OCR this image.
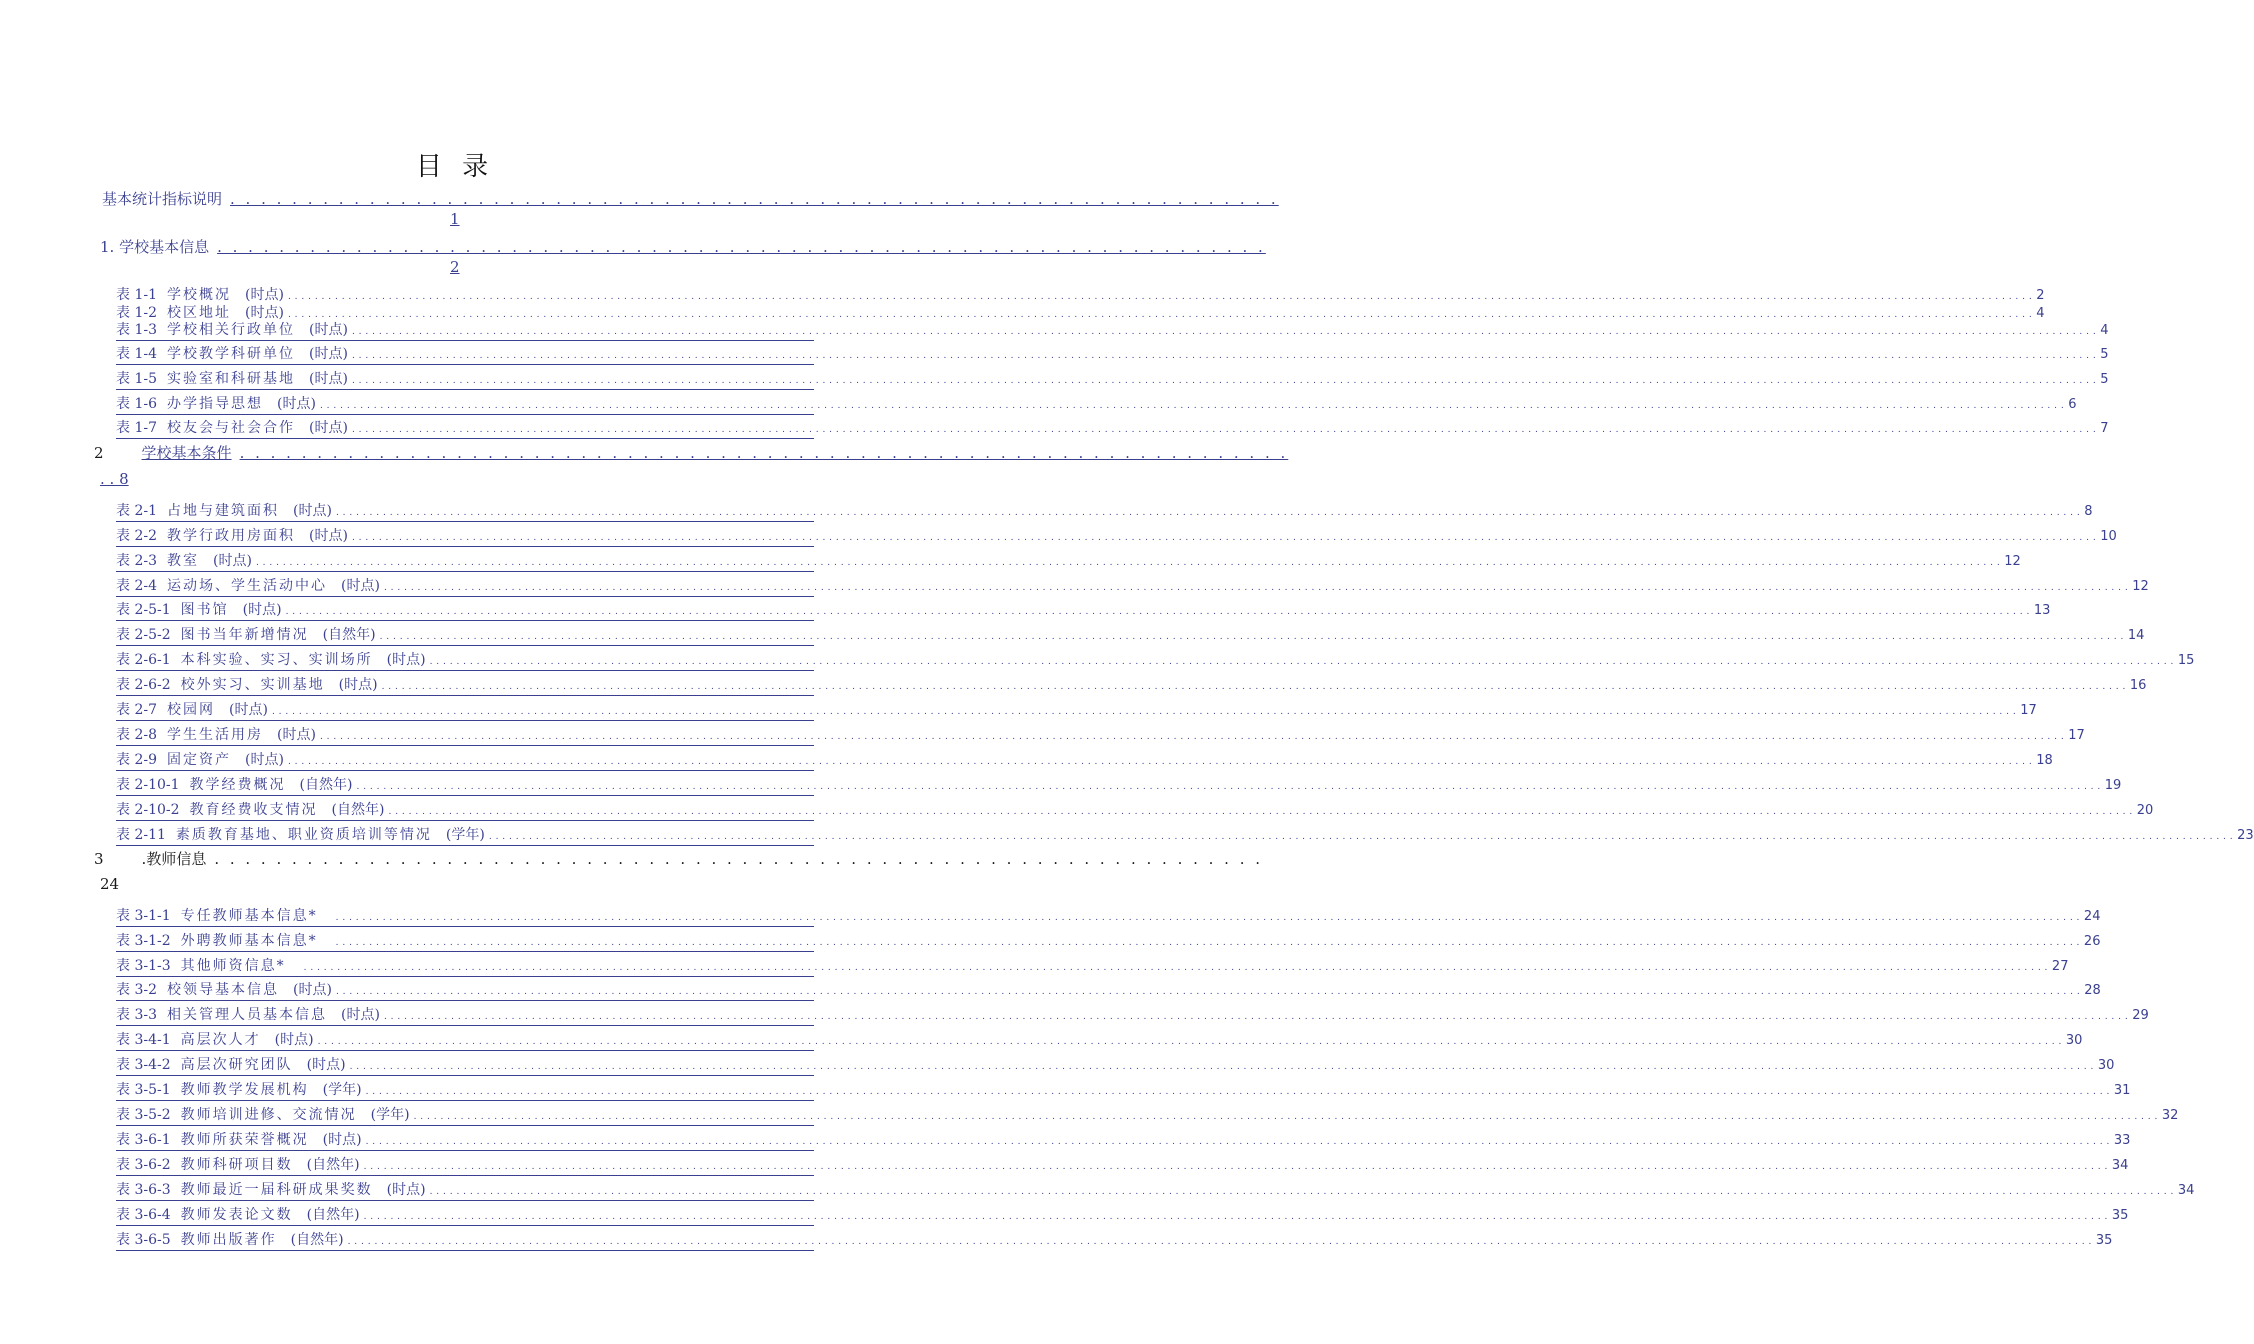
目 录
基本统计指标说明 . . . . . . . . . . . . . . . . . . . . . . . . . . . . . . . . . . . . . . . . . . . . . . . . . . . . . . . . . . . . . . . . . . . .
1
1. 学校基本信息 . . . . . . . . . . . . . . . . . . . . . . . . . . . . . . . . . . . . . . . . . . . . . . . . . . . . . . . . . . . . . . . . . . . .
2
2	学校基本条件 . . . . . . . . . . . . . . . . . . . . . . . . . . . . . . . . . . . . . . . . . . . . . . . . . . . . . . . . . . . . . . . . . . . .
. . 8
3	.教师信息 . . . . . . . . . . . . . . . . . . . . . . . . . . . . . . . . . . . . . . . . . . . . . . . . . . . . . . . . . . . . . . . . . . . .
24
表 1-1 学校概况 (时点) . . . . . . . . . . . . . . . . . . . . . . . . . . . . . . . . . . . . . . . . . . . . . . . . . . . . . . . . . . . . . . . . . . . . . . . . . . . . . . . . . . . . . . . . . . . . . . . . . . . . . . . . . . . . . . . . . . . . . . . . . . . . . . . . . . . . . . . . . . . . . . . . . . . . . . . . . . . . . . . . . . . . . . . . . . . . . . . . . . . . . . . . . . . . . . . . . . . . . . . . . . . . . . . . . . . . . . . . . . . . . . . . . . . . . . . . . . . . . . . . . . . . . . . . . . . . . . . . . . . . 2
表 1-2 校区地址 (时点) . . . . . . . . . . . . . . . . . . . . . . . . . . . . . . . . . . . . . . . . . . . . . . . . . . . . . . . . . . . . . . . . . . . . . . . . . . . . . . . . . . . . . . . . . . . . . . . . . . . . . . . . . . . . . . . . . . . . . . . . . . . . . . . . . . . . . . . . . . . . . . . . . . . . . . . . . . . . . . . . . . . . . . . . . . . . . . . . . . . . . . . . . . . . . . . . . . . . . . . . . . . . . . . . . . . . . . . . . . . . . . . . . . . . . . . . . . . . . . . . . . . . . . . . . . . . . . . . . . . . 4
表 1-3 学校相关行政单位 (时点) . . . . . . . . . . . . . . . . . . . . . . . . . . . . . . . . . . . . . . . . . . . . . . . . . . . . . . . . . . . . . . . . . . . . . . . . . . . . . . . . . . . . . . . . . . . . . . . . . . . . . . . . . . . . . . . . . . . . . . . . . . . . . . . . . . . . . . . . . . . . . . . . . . . . . . . . . . . . . . . . . . . . . . . . . . . . . . . . . . . . . . . . . . . . . . . . . . . . . . . . . . . . . . . . . . . . . . . . . . . . . . . . . . . . . . . . . . . . . . . . . . . . . . . . . . . . . . . . . . . . 4
表 1-4 学校教学科研单位 (时点) . . . . . . . . . . . . . . . . . . . . . . . . . . . . . . . . . . . . . . . . . . . . . . . . . . . . . . . . . . . . . . . . . . . . . . . . . . . . . . . . . . . . . . . . . . . . . . . . . . . . . . . . . . . . . . . . . . . . . . . . . . . . . . . . . . . . . . . . . . . . . . . . . . . . . . . . . . . . . . . . . . . . . . . . . . . . . . . . . . . . . . . . . . . . . . . . . . . . . . . . . . . . . . . . . . . . . . . . . . . . . . . . . . . . . . . . . . . . . . . . . . . . . . . . . . . . . . . . . . . . 5
表 1-5 实验室和科研基地 (时点) . . . . . . . . . . . . . . . . . . . . . . . . . . . . . . . . . . . . . . . . . . . . . . . . . . . . . . . . . . . . . . . . . . . . . . . . . . . . . . . . . . . . . . . . . . . . . . . . . . . . . . . . . . . . . . . . . . . . . . . . . . . . . . . . . . . . . . . . . . . . . . . . . . . . . . . . . . . . . . . . . . . . . . . . . . . . . . . . . . . . . . . . . . . . . . . . . . . . . . . . . . . . . . . . . . . . . . . . . . . . . . . . . . . . . . . . . . . . . . . . . . . . . . . . . . . . . . . . . . . . 5
表 1-6 办学指导思想 (时点) . . . . . . . . . . . . . . . . . . . . . . . . . . . . . . . . . . . . . . . . . . . . . . . . . . . . . . . . . . . . . . . . . . . . . . . . . . . . . . . . . . . . . . . . . . . . . . . . . . . . . . . . . . . . . . . . . . . . . . . . . . . . . . . . . . . . . . . . . . . . . . . . . . . . . . . . . . . . . . . . . . . . . . . . . . . . . . . . . . . . . . . . . . . . . . . . . . . . . . . . . . . . . . . . . . . . . . . . . . . . . . . . . . . . . . . . . . . . . . . . . . . . . . . . . . . . . . . . . . . . 6
表 1-7 校友会与社会合作 (时点) . . . . . . . . . . . . . . . . . . . . . . . . . . . . . . . . . . . . . . . . . . . . . . . . . . . . . . . . . . . . . . . . . . . . . . . . . . . . . . . . . . . . . . . . . . . . . . . . . . . . . . . . . . . . . . . . . . . . . . . . . . . . . . . . . . . . . . . . . . . . . . . . . . . . . . . . . . . . . . . . . . . . . . . . . . . . . . . . . . . . . . . . . . . . . . . . . . . . . . . . . . . . . . . . . . . . . . . . . . . . . . . . . . . . . . . . . . . . . . . . . . . . . . . . . . . . . . . . . . . . 7
表 2-1 占地与建筑面积 (时点) . . . . . . . . . . . . . . . . . . . . . . . . . . . . . . . . . . . . . . . . . . . . . . . . . . . . . . . . . . . . . . . . . . . . . . . . . . . . . . . . . . . . . . . . . . . . . . . . . . . . . . . . . . . . . . . . . . . . . . . . . . . . . . . . . . . . . . . . . . . . . . . . . . . . . . . . . . . . . . . . . . . . . . . . . . . . . . . . . . . . . . . . . . . . . . . . . . . . . . . . . . . . . . . . . . . . . . . . . . . . . . . . . . . . . . . . . . . . . . . . . . . . . . . . . . . . . . . . . . . . 8
表 2-2 教学行政用房面积 (时点) . . . . . . . . . . . . . . . . . . . . . . . . . . . . . . . . . . . . . . . . . . . . . . . . . . . . . . . . . . . . . . . . . . . . . . . . . . . . . . . . . . . . . . . . . . . . . . . . . . . . . . . . . . . . . . . . . . . . . . . . . . . . . . . . . . . . . . . . . . . . . . . . . . . . . . . . . . . . . . . . . . . . . . . . . . . . . . . . . . . . . . . . . . . . . . . . . . . . . . . . . . . . . . . . . . . . . . . . . . . . . . . . . . . . . . . . . . . . . . . . . . . . . . . . . . . . . . . . . . . . 10
表 2-3 教室 (时点) . . . . . . . . . . . . . . . . . . . . . . . . . . . . . . . . . . . . . . . . . . . . . . . . . . . . . . . . . . . . . . . . . . . . . . . . . . . . . . . . . . . . . . . . . . . . . . . . . . . . . . . . . . . . . . . . . . . . . . . . . . . . . . . . . . . . . . . . . . . . . . . . . . . . . . . . . . . . . . . . . . . . . . . . . . . . . . . . . . . . . . . . . . . . . . . . . . . . . . . . . . . . . . . . . . . . . . . . . . . . . . . . . . . . . . . . . . . . . . . . . . . . . . . . . . . . . . . . . . . . 12
表 2-4 运动场、学生活动中心 (时点) . . . . . . . . . . . . . . . . . . . . . . . . . . . . . . . . . . . . . . . . . . . . . . . . . . . . . . . . . . . . . . . . . . . . . . . . . . . . . . . . . . . . . . . . . . . . . . . . . . . . . . . . . . . . . . . . . . . . . . . . . . . . . . . . . . . . . . . . . . . . . . . . . . . . . . . . . . . . . . . . . . . . . . . . . . . . . . . . . . . . . . . . . . . . . . . . . . . . . . . . . . . . . . . . . . . . . . . . . . . . . . . . . . . . . . . . . . . . . . . . . . . . . . . . . . . . . . . . . . . . 12
表 2-5-1 图书馆 (时点) . . . . . . . . . . . . . . . . . . . . . . . . . . . . . . . . . . . . . . . . . . . . . . . . . . . . . . . . . . . . . . . . . . . . . . . . . . . . . . . . . . . . . . . . . . . . . . . . . . . . . . . . . . . . . . . . . . . . . . . . . . . . . . . . . . . . . . . . . . . . . . . . . . . . . . . . . . . . . . . . . . . . . . . . . . . . . . . . . . . . . . . . . . . . . . . . . . . . . . . . . . . . . . . . . . . . . . . . . . . . . . . . . . . . . . . . . . . . . . . . . . . . . . . . . . . . . . . . . . . . 13
表 2-5-2 图书当年新增情况 (自然年) . . . . . . . . . . . . . . . . . . . . . . . . . . . . . . . . . . . . . . . . . . . . . . . . . . . . . . . . . . . . . . . . . . . . . . . . . . . . . . . . . . . . . . . . . . . . . . . . . . . . . . . . . . . . . . . . . . . . . . . . . . . . . . . . . . . . . . . . . . . . . . . . . . . . . . . . . . . . . . . . . . . . . . . . . . . . . . . . . . . . . . . . . . . . . . . . . . . . . . . . . . . . . . . . . . . . . . . . . . . . . . . . . . . . . . . . . . . . . . . . . . . . . . . . . . . . . . . . . . . . 14
表 2-6-1 本科实验、实习、实训场所 (时点) . . . . . . . . . . . . . . . . . . . . . . . . . . . . . . . . . . . . . . . . . . . . . . . . . . . . . . . . . . . . . . . . . . . . . . . . . . . . . . . . . . . . . . . . . . . . . . . . . . . . . . . . . . . . . . . . . . . . . . . . . . . . . . . . . . . . . . . . . . . . . . . . . . . . . . . . . . . . . . . . . . . . . . . . . . . . . . . . . . . . . . . . . . . . . . . . . . . . . . . . . . . . . . . . . . . . . . . . . . . . . . . . . . . . . . . . . . . . . . . . . . . . . . . . . . . . . . . . . . . . 15
表 2-6-2 校外实习、实训基地 (时点) . . . . . . . . . . . . . . . . . . . . . . . . . . . . . . . . . . . . . . . . . . . . . . . . . . . . . . . . . . . . . . . . . . . . . . . . . . . . . . . . . . . . . . . . . . . . . . . . . . . . . . . . . . . . . . . . . . . . . . . . . . . . . . . . . . . . . . . . . . . . . . . . . . . . . . . . . . . . . . . . . . . . . . . . . . . . . . . . . . . . . . . . . . . . . . . . . . . . . . . . . . . . . . . . . . . . . . . . . . . . . . . . . . . . . . . . . . . . . . . . . . . . . . . . . . . . . . . . . . . . 16
表 2-7 校园网 (时点) . . . . . . . . . . . . . . . . . . . . . . . . . . . . . . . . . . . . . . . . . . . . . . . . . . . . . . . . . . . . . . . . . . . . . . . . . . . . . . . . . . . . . . . . . . . . . . . . . . . . . . . . . . . . . . . . . . . . . . . . . . . . . . . . . . . . . . . . . . . . . . . . . . . . . . . . . . . . . . . . . . . . . . . . . . . . . . . . . . . . . . . . . . . . . . . . . . . . . . . . . . . . . . . . . . . . . . . . . . . . . . . . . . . . . . . . . . . . . . . . . . . . . . . . . . . . . . . . . . . . 17
表 2-8 学生生活用房 (时点) . . . . . . . . . . . . . . . . . . . . . . . . . . . . . . . . . . . . . . . . . . . . . . . . . . . . . . . . . . . . . . . . . . . . . . . . . . . . . . . . . . . . . . . . . . . . . . . . . . . . . . . . . . . . . . . . . . . . . . . . . . . . . . . . . . . . . . . . . . . . . . . . . . . . . . . . . . . . . . . . . . . . . . . . . . . . . . . . . . . . . . . . . . . . . . . . . . . . . . . . . . . . . . . . . . . . . . . . . . . . . . . . . . . . . . . . . . . . . . . . . . . . . . . . . . . . . . . . . . . . 17
表 2-9 固定资产 (时点) . . . . . . . . . . . . . . . . . . . . . . . . . . . . . . . . . . . . . . . . . . . . . . . . . . . . . . . . . . . . . . . . . . . . . . . . . . . . . . . . . . . . . . . . . . . . . . . . . . . . . . . . . . . . . . . . . . . . . . . . . . . . . . . . . . . . . . . . . . . . . . . . . . . . . . . . . . . . . . . . . . . . . . . . . . . . . . . . . . . . . . . . . . . . . . . . . . . . . . . . . . . . . . . . . . . . . . . . . . . . . . . . . . . . . . . . . . . . . . . . . . . . . . . . . . . . . . . . . . . . 18
表 2-10-1 教学经费概况 (自然年) . . . . . . . . . . . . . . . . . . . . . . . . . . . . . . . . . . . . . . . . . . . . . . . . . . . . . . . . . . . . . . . . . . . . . . . . . . . . . . . . . . . . . . . . . . . . . . . . . . . . . . . . . . . . . . . . . . . . . . . . . . . . . . . . . . . . . . . . . . . . . . . . . . . . . . . . . . . . . . . . . . . . . . . . . . . . . . . . . . . . . . . . . . . . . . . . . . . . . . . . . . . . . . . . . . . . . . . . . . . . . . . . . . . . . . . . . . . . . . . . . . . . . . . . . . . . . . . . . . . . 19
表 2-10-2 教育经费收支情况 (自然年) . . . . . . . . . . . . . . . . . . . . . . . . . . . . . . . . . . . . . . . . . . . . . . . . . . . . . . . . . . . . . . . . . . . . . . . . . . . . . . . . . . . . . . . . . . . . . . . . . . . . . . . . . . . . . . . . . . . . . . . . . . . . . . . . . . . . . . . . . . . . . . . . . . . . . . . . . . . . . . . . . . . . . . . . . . . . . . . . . . . . . . . . . . . . . . . . . . . . . . . . . . . . . . . . . . . . . . . . . . . . . . . . . . . . . . . . . . . . . . . . . . . . . . . . . . . . . . . . . . . . 20
表 2-11 素质教育基地、职业资质培训等情况 (学年) . . . . . . . . . . . . . . . . . . . . . . . . . . . . . . . . . . . . . . . . . . . . . . . . . . . . . . . . . . . . . . . . . . . . . . . . . . . . . . . . . . . . . . . . . . . . . . . . . . . . . . . . . . . . . . . . . . . . . . . . . . . . . . . . . . . . . . . . . . . . . . . . . . . . . . . . . . . . . . . . . . . . . . . . . . . . . . . . . . . . . . . . . . . . . . . . . . . . . . . . . . . . . . . . . . . . . . . . . . . . . . . . . . . . . . . . . . . . . . . . . . . . . . . . . . . . . . . . . . . . 23
表 3-1-1 专任教师基本信息* . . . . . . . . . . . . . . . . . . . . . . . . . . . . . . . . . . . . . . . . . . . . . . . . . . . . . . . . . . . . . . . . . . . . . . . . . . . . . . . . . . . . . . . . . . . . . . . . . . . . . . . . . . . . . . . . . . . . . . . . . . . . . . . . . . . . . . . . . . . . . . . . . . . . . . . . . . . . . . . . . . . . . . . . . . . . . . . . . . . . . . . . . . . . . . . . . . . . . . . . . . . . . . . . . . . . . . . . . . . . . . . . . . . . . . . . . . . . . . . . . . . . . . . . . . . . . . . . . . . . 24
表 3-1-2 外聘教师基本信息* . . . . . . . . . . . . . . . . . . . . . . . . . . . . . . . . . . . . . . . . . . . . . . . . . . . . . . . . . . . . . . . . . . . . . . . . . . . . . . . . . . . . . . . . . . . . . . . . . . . . . . . . . . . . . . . . . . . . . . . . . . . . . . . . . . . . . . . . . . . . . . . . . . . . . . . . . . . . . . . . . . . . . . . . . . . . . . . . . . . . . . . . . . . . . . . . . . . . . . . . . . . . . . . . . . . . . . . . . . . . . . . . . . . . . . . . . . . . . . . . . . . . . . . . . . . . . . . . . . . . 26
表 3-1-3 其他师资信息* . . . . . . . . . . . . . . . . . . . . . . . . . . . . . . . . . . . . . . . . . . . . . . . . . . . . . . . . . . . . . . . . . . . . . . . . . . . . . . . . . . . . . . . . . . . . . . . . . . . . . . . . . . . . . . . . . . . . . . . . . . . . . . . . . . . . . . . . . . . . . . . . . . . . . . . . . . . . . . . . . . . . . . . . . . . . . . . . . . . . . . . . . . . . . . . . . . . . . . . . . . . . . . . . . . . . . . . . . . . . . . . . . . . . . . . . . . . . . . . . . . . . . . . . . . . . . . . . . . . . 27
表 3-2 校领导基本信息 (时点) . . . . . . . . . . . . . . . . . . . . . . . . . . . . . . . . . . . . . . . . . . . . . . . . . . . . . . . . . . . . . . . . . . . . . . . . . . . . . . . . . . . . . . . . . . . . . . . . . . . . . . . . . . . . . . . . . . . . . . . . . . . . . . . . . . . . . . . . . . . . . . . . . . . . . . . . . . . . . . . . . . . . . . . . . . . . . . . . . . . . . . . . . . . . . . . . . . . . . . . . . . . . . . . . . . . . . . . . . . . . . . . . . . . . . . . . . . . . . . . . . . . . . . . . . . . . . . . . . . . . 28
表 3-3 相关管理人员基本信息 (时点) . . . . . . . . . . . . . . . . . . . . . . . . . . . . . . . . . . . . . . . . . . . . . . . . . . . . . . . . . . . . . . . . . . . . . . . . . . . . . . . . . . . . . . . . . . . . . . . . . . . . . . . . . . . . . . . . . . . . . . . . . . . . . . . . . . . . . . . . . . . . . . . . . . . . . . . . . . . . . . . . . . . . . . . . . . . . . . . . . . . . . . . . . . . . . . . . . . . . . . . . . . . . . . . . . . . . . . . . . . . . . . . . . . . . . . . . . . . . . . . . . . . . . . . . . . . . . . . . . . . . 29
表 3-4-1 高层次人才 (时点) . . . . . . . . . . . . . . . . . . . . . . . . . . . . . . . . . . . . . . . . . . . . . . . . . . . . . . . . . . . . . . . . . . . . . . . . . . . . . . . . . . . . . . . . . . . . . . . . . . . . . . . . . . . . . . . . . . . . . . . . . . . . . . . . . . . . . . . . . . . . . . . . . . . . . . . . . . . . . . . . . . . . . . . . . . . . . . . . . . . . . . . . . . . . . . . . . . . . . . . . . . . . . . . . . . . . . . . . . . . . . . . . . . . . . . . . . . . . . . . . . . . . . . . . . . . . . . . . . . . . 30
表 3-4-2 高层次研究团队 (时点) . . . . . . . . . . . . . . . . . . . . . . . . . . . . . . . . . . . . . . . . . . . . . . . . . . . . . . . . . . . . . . . . . . . . . . . . . . . . . . . . . . . . . . . . . . . . . . . . . . . . . . . . . . . . . . . . . . . . . . . . . . . . . . . . . . . . . . . . . . . . . . . . . . . . . . . . . . . . . . . . . . . . . . . . . . . . . . . . . . . . . . . . . . . . . . . . . . . . . . . . . . . . . . . . . . . . . . . . . . . . . . . . . . . . . . . . . . . . . . . . . . . . . . . . . . . . . . . . . . . . 30
表 3-5-1 教师教学发展机构 (学年) . . . . . . . . . . . . . . . . . . . . . . . . . . . . . . . . . . . . . . . . . . . . . . . . . . . . . . . . . . . . . . . . . . . . . . . . . . . . . . . . . . . . . . . . . . . . . . . . . . . . . . . . . . . . . . . . . . . . . . . . . . . . . . . . . . . . . . . . . . . . . . . . . . . . . . . . . . . . . . . . . . . . . . . . . . . . . . . . . . . . . . . . . . . . . . . . . . . . . . . . . . . . . . . . . . . . . . . . . . . . . . . . . . . . . . . . . . . . . . . . . . . . . . . . . . . . . . . . . . . . 31
表 3-5-2 教师培训进修、交流情况 (学年) . . . . . . . . . . . . . . . . . . . . . . . . . . . . . . . . . . . . . . . . . . . . . . . . . . . . . . . . . . . . . . . . . . . . . . . . . . . . . . . . . . . . . . . . . . . . . . . . . . . . . . . . . . . . . . . . . . . . . . . . . . . . . . . . . . . . . . . . . . . . . . . . . . . . . . . . . . . . . . . . . . . . . . . . . . . . . . . . . . . . . . . . . . . . . . . . . . . . . . . . . . . . . . . . . . . . . . . . . . . . . . . . . . . . . . . . . . . . . . . . . . . . . . . . . . . . . . . . . . . . 32
表 3-6-1 教师所获荣誉概况 (时点) . . . . . . . . . . . . . . . . . . . . . . . . . . . . . . . . . . . . . . . . . . . . . . . . . . . . . . . . . . . . . . . . . . . . . . . . . . . . . . . . . . . . . . . . . . . . . . . . . . . . . . . . . . . . . . . . . . . . . . . . . . . . . . . . . . . . . . . . . . . . . . . . . . . . . . . . . . . . . . . . . . . . . . . . . . . . . . . . . . . . . . . . . . . . . . . . . . . . . . . . . . . . . . . . . . . . . . . . . . . . . . . . . . . . . . . . . . . . . . . . . . . . . . . . . . . . . . . . . . . . 33
表 3-6-2 教师科研项目数 (自然年) . . . . . . . . . . . . . . . . . . . . . . . . . . . . . . . . . . . . . . . . . . . . . . . . . . . . . . . . . . . . . . . . . . . . . . . . . . . . . . . . . . . . . . . . . . . . . . . . . . . . . . . . . . . . . . . . . . . . . . . . . . . . . . . . . . . . . . . . . . . . . . . . . . . . . . . . . . . . . . . . . . . . . . . . . . . . . . . . . . . . . . . . . . . . . . . . . . . . . . . . . . . . . . . . . . . . . . . . . . . . . . . . . . . . . . . . . . . . . . . . . . . . . . . . . . . . . . . . . . . . 34
表 3-6-3 教师最近一届科研成果奖数 (时点) . . . . . . . . . . . . . . . . . . . . . . . . . . . . . . . . . . . . . . . . . . . . . . . . . . . . . . . . . . . . . . . . . . . . . . . . . . . . . . . . . . . . . . . . . . . . . . . . . . . . . . . . . . . . . . . . . . . . . . . . . . . . . . . . . . . . . . . . . . . . . . . . . . . . . . . . . . . . . . . . . . . . . . . . . . . . . . . . . . . . . . . . . . . . . . . . . . . . . . . . . . . . . . . . . . . . . . . . . . . . . . . . . . . . . . . . . . . . . . . . . . . . . . . . . . . . . . . . . . . . 34
表 3-6-4 教师发表论文数 (自然年) . . . . . . . . . . . . . . . . . . . . . . . . . . . . . . . . . . . . . . . . . . . . . . . . . . . . . . . . . . . . . . . . . . . . . . . . . . . . . . . . . . . . . . . . . . . . . . . . . . . . . . . . . . . . . . . . . . . . . . . . . . . . . . . . . . . . . . . . . . . . . . . . . . . . . . . . . . . . . . . . . . . . . . . . . . . . . . . . . . . . . . . . . . . . . . . . . . . . . . . . . . . . . . . . . . . . . . . . . . . . . . . . . . . . . . . . . . . . . . . . . . . . . . . . . . . . . . . . . . . . 35
表 3-6-5 教师出版著作 (自然年) . . . . . . . . . . . . . . . . . . . . . . . . . . . . . . . . . . . . . . . . . . . . . . . . . . . . . . . . . . . . . . . . . . . . . . . . . . . . . . . . . . . . . . . . . . . . . . . . . . . . . . . . . . . . . . . . . . . . . . . . . . . . . . . . . . . . . . . . . . . . . . . . . . . . . . . . . . . . . . . . . . . . . . . . . . . . . . . . . . . . . . . . . . . . . . . . . . . . . . . . . . . . . . . . . . . . . . . . . . . . . . . . . . . . . . . . . . . . . . . . . . . . . . . . . . . . . . . . . . . . 35
